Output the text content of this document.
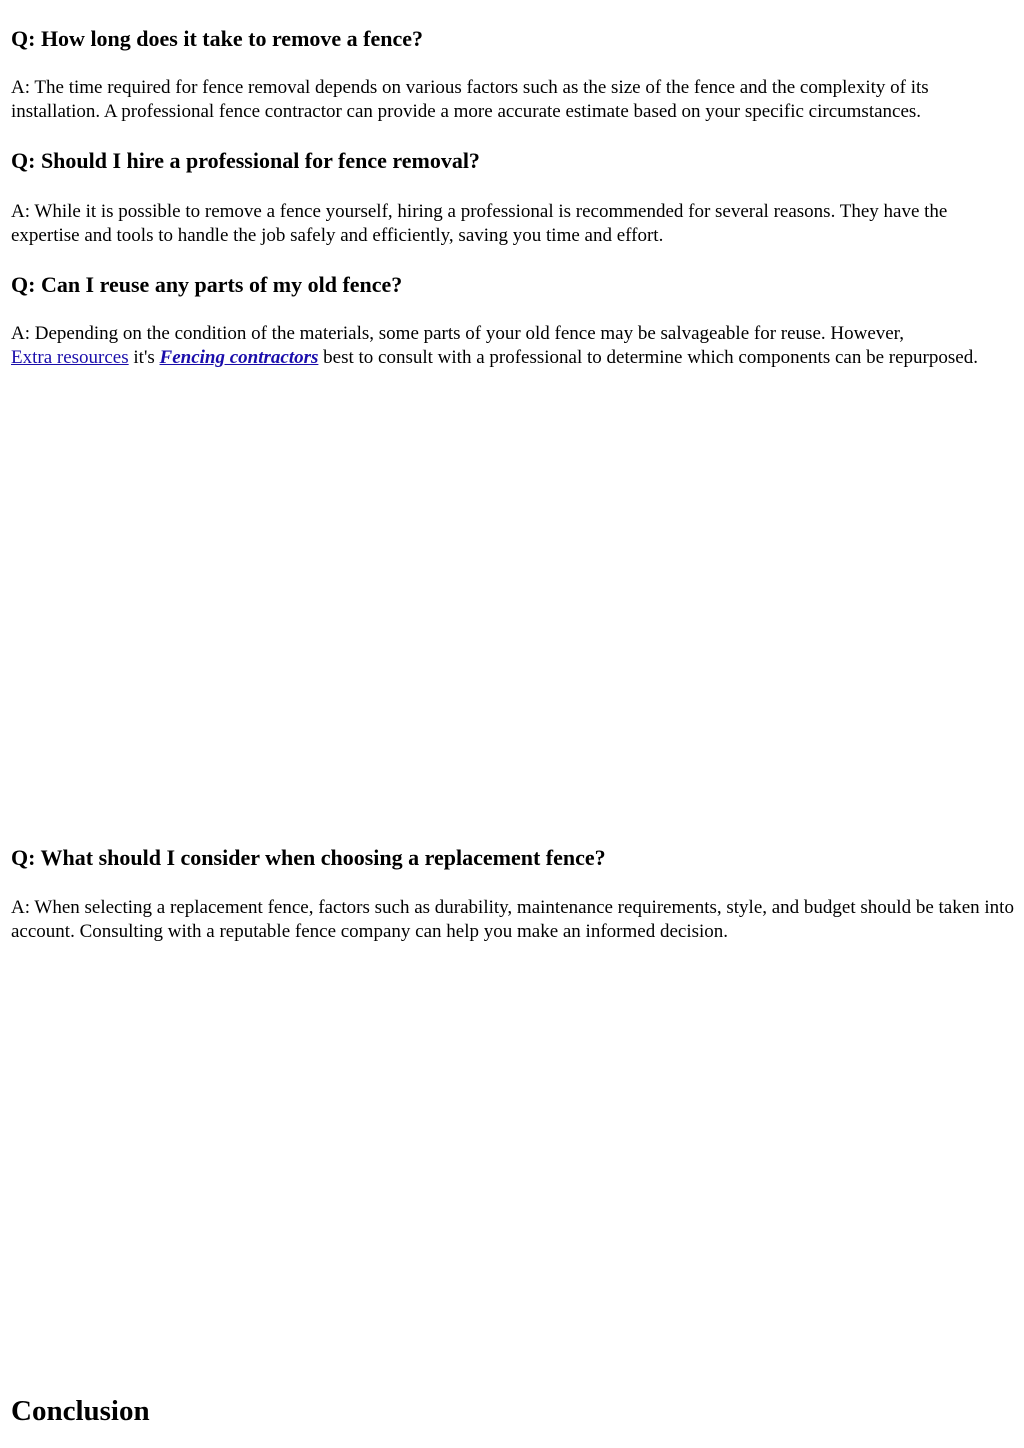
Q: How long does it take to remove a fence?

A: The time required for fence removal depends on various factors such as the size of the fence and the complexity of its installation. A professional fence contractor can provide a more accurate estimate based on your specific circumstances.

Q: Should I hire a professional for fence removal?

A: While it is possible to remove a fence yourself, hiring a professional is recommended for several reasons. They have the expertise and tools to handle the job safely and efficiently, saving you time and effort.

Q: Can I reuse any parts of my old fence?

A: Depending on the condition of the materials, some parts of your old fence may be salvageable for reuse. However,
Extra resources it's Fencing contractors best to consult with a professional to determine which components can be repurposed.

Q: What should I consider when choosing a replacement fence?

A: When selecting a replacement fence, factors such as durability, maintenance requirements, style, and budget should be taken into account. Consulting with a reputable fence company can help you make an informed decision.

Conclusion
